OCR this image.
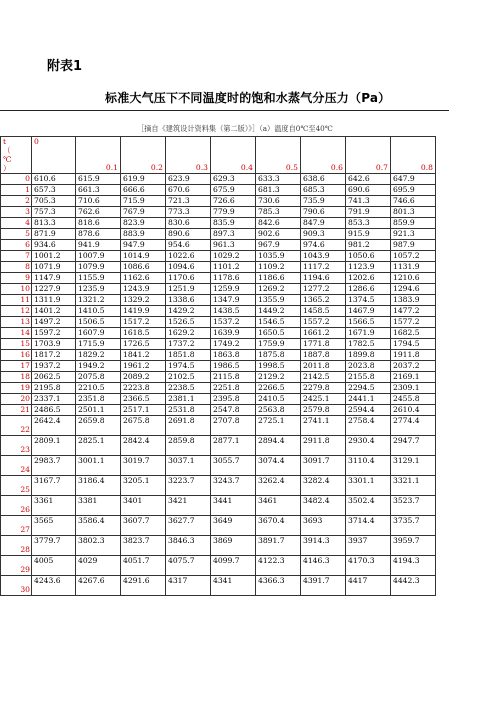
附表1
标准大气压下不同温度时的饱和水蒸气分压力（Pa）
［摘自《建筑设计资料集（第二版）》］（a）温度自0℃至40℃
t
（
℃
）	0	0.1	0.2	0.3	0.4	0.5	0.6	0.7	0.8
0	610.6	615.9	619.9	623.9	629.3	633.3	638.6	642.6	647.9
1	657.3	661.3	666.6	670.6	675.9	681.3	685.3	690.6	695.9
2	705.3	710.6	715.9	721.3	726.6	730.6	735.9	741.3	746.6
3	757.3	762.6	767.9	773.3	779.9	785.3	790.6	791.9	801.3
4	813.3	818.6	823.9	830.6	835.9	842.6	847.9	853.3	859.9
5	871.9	878.6	883.9	890.6	897.3	902.6	909.3	915.9	921.3
6	934.6	941.9	947.9	954.6	961.3	967.9	974.6	981.2	987.9
7	1001.2	1007.9	1014.9	1022.6	1029.2	1035.9	1043.9	1050.6	1057.2
8	1071.9	1079.9	1086.6	1094.6	1101.2	1109.2	1117.2	1123.9	1131.9
9	1147.9	1155.9	1162.6	1170.6	1178.6	1186.6	1194.6	1202.6	1210.6
10	1227.9	1235.9	1243.9	1251.9	1259.9	1269.2	1277.2	1286.6	1294.6
11	1311.9	1321.2	1329.2	1338.6	1347.9	1355.9	1365.2	1374.5	1383.9
12	1401.2	1410.5	1419.9	1429.2	1438.5	1449.2	1458.5	1467.9	1477.2
13	1497.2	1506.5	1517.2	1526.5	1537.2	1546.5	1557.2	1566.5	1577.2
14	1597.2	1607.9	1618.5	1629.2	1639.9	1650.5	1661.2	1671.9	1682.5
15	1703.9	1715.9	1726.5	1737.2	1749.2	1759.9	1771.8	1782.5	1794.5
16	1817.2	1829.2	1841.2	1851.8	1863.8	1875.8	1887.8	1899.8	1911.8
17	1937.2	1949.2	1961.2	1974.5	1986.5	1998.5	2011.8	2023.8	2037.2
18	2062.5	2075.8	2089.2	2102.5	2115.8	2129.2	2142.5	2155.8	2169.1
19	2195.8	2210.5	2223.8	2238.5	2251.8	2266.5	2279.8	2294.5	2309.1
20	2337.1	2351.8	2366.5	2381.1	2395.8	2410.5	2425.1	2441.1	2455.8
21	2486.5	2501.1	2517.1	2531.8	2547.8	2563.8	2579.8	2594.4	2610.4
22	2642.4	2659.8	2675.8	2691.8	2707.8	2725.1	2741.1	2758.4	2774.4
23	2809.1	2825.1	2842.4	2859.8	2877.1	2894.4	2911.8	2930.4	2947.7
24	2983.7	3001.1	3019.7	3037.1	3055.7	3074.4	3091.7	3110.4	3129.1
25	3167.7	3186.4	3205.1	3223.7	3243.7	3262.4	3282.4	3301.1	3321.1
26	3361	3381	3401	3421	3441	3461	3482.4	3502.4	3523.7
27	3565	3586.4	3607.7	3627.7	3649	3670.4	3693	3714.4	3735.7
28	3779.7	3802.3	3823.7	3846.3	3869	3891.7	3914.3	3937	3959.7
29	4005	4029	4051.7	4075.7	4099.7	4122.3	4146.3	4170.3	4194.3
30	4243.6	4267.6	4291.6	4317	4341	4366.3	4391.7	4417	4442.3
